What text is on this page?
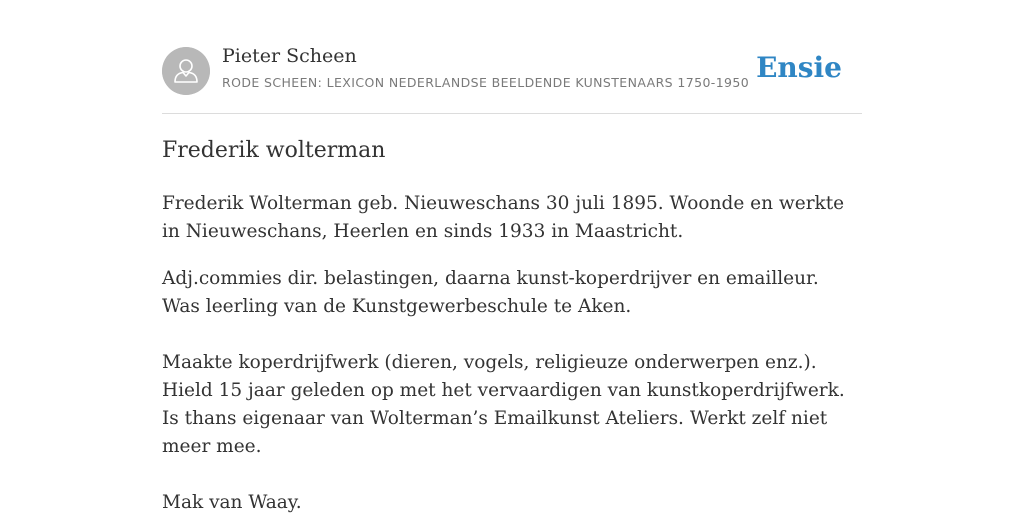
Pieter Scheen
RODE SCHEEN: LEXICON NEDERLANDSE BEELDENDE KUNSTENAARS 1750-1950 Ensie
Frederik wolterman

Frederik Wolterman geb. Nieuweschans 30 juli 1895. Woonde en werkte in Nieuweschans, Heerlen en sinds 1933 in Maastricht.

Adj.commies dir. belastingen, daarna kunst-koperdrijver en emailleur. Was leerling van de Kunstgewerbeschule te Aken.

Maakte koperdrijfwerk (dieren, vogels, religieuze onderwerpen enz.). Hield 15 jaar geleden op met het vervaardigen van kunstkoperdrijfwerk. Is thans eigenaar van Wolterman’s Emailkunst Ateliers. Werkt zelf niet meer mee.

Mak van Waay.
